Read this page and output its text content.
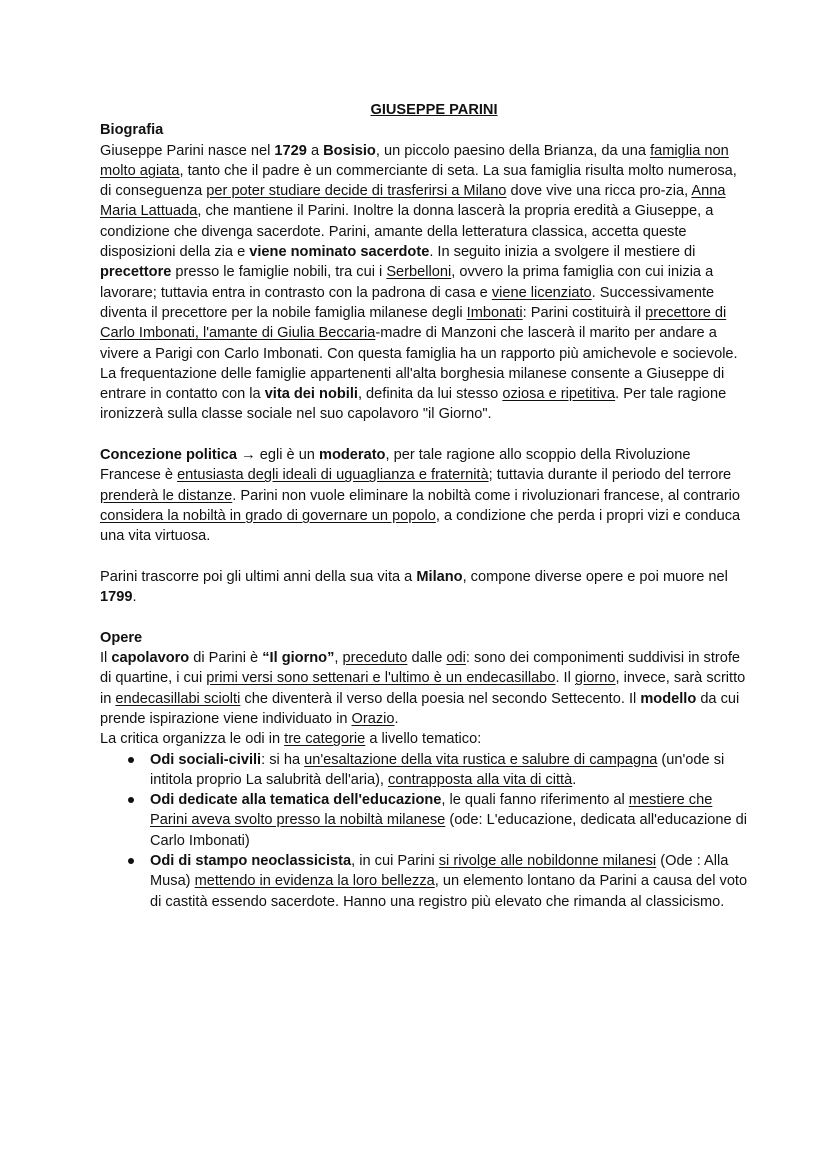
GIUSEPPE PARINI
Biografia

Giuseppe Parini nasce nel 1729 a Bosisio, un piccolo paesino della Brianza, da una famiglia non molto agiata, tanto che il padre è un commerciante di seta. La sua famiglia risulta molto numerosa, di conseguenza per poter studiare decide di trasferirsi a Milano dove vive una ricca pro-zia, Anna Maria Lattuada, che mantiene il Parini. Inoltre la donna lascerà la propria eredità a Giuseppe, a condizione che divenga sacerdote. Parini, amante della letteratura classica, accetta queste disposizioni della zia e viene nominato sacerdote. In seguito inizia a svolgere il mestiere di precettore presso le famiglie nobili, tra cui i Serbelloni, ovvero la prima famiglia con cui inizia a lavorare; tuttavia entra in contrasto con la padrona di casa e viene licenziato. Successivamente diventa il precettore per la nobile famiglia milanese degli Imbonati: Parini costituirà il precettore di Carlo Imbonati, l'amante di Giulia Beccaria-madre di Manzoni che lascerà il marito per andare a vivere a Parigi con Carlo Imbonati. Con questa famiglia ha un rapporto più amichevole e socievole. La frequentazione delle famiglie appartenenti all'alta borghesia milanese consente a Giuseppe di entrare in contatto con la vita dei nobili, definita da lui stesso oziosa e ripetitiva. Per tale ragione ironizzerà sulla classe sociale nel suo capolavoro "il Giorno".

Concezione politica → egli è un moderato, per tale ragione allo scoppio della Rivoluzione Francese è entusiasta degli ideali di uguaglianza e fraternità; tuttavia durante il periodo del terrore prenderà le distanze. Parini non vuole eliminare la nobiltà come i rivoluzionari francese, al contrario considera la nobiltà in grado di governare un popolo, a condizione che perda i propri vizi e conduca una vita virtuosa.

Parini trascorre poi gli ultimi anni della sua vita a Milano, compone diverse opere e poi muore nel 1799.

Opere

Il capolavoro di Parini è “Il giorno”, preceduto dalle odi: sono dei componimenti suddivisi in strofe di quartine, i cui primi versi sono settenari e l'ultimo è un endecasillabo. Il giorno, invece, sarà scritto in endecasillabi sciolti che diventerà il verso della poesia nel secondo Settecento. Il modello da cui prende ispirazione viene individuato in Orazio.

La critica organizza le odi in tre categorie a livello tematico:

Odi sociali-civili: si ha un'esaltazione della vita rustica e salubre di campagna (un'ode si intitola proprio La salubrità dell'aria), contrapposta alla vita di città.
Odi dedicate alla tematica dell'educazione, le quali fanno riferimento al mestiere che Parini aveva svolto presso la nobiltà milanese (ode: L'educazione, dedicata all'educazione di Carlo Imbonati)
Odi di stampo neoclassicista, in cui Parini si rivolge alle nobildonne milanesi (Ode : Alla Musa) mettendo in evidenza la loro bellezza, un elemento lontano da Parini a causa del voto di castità essendo sacerdote. Hanno una registro più elevato che rimanda al classicismo.
